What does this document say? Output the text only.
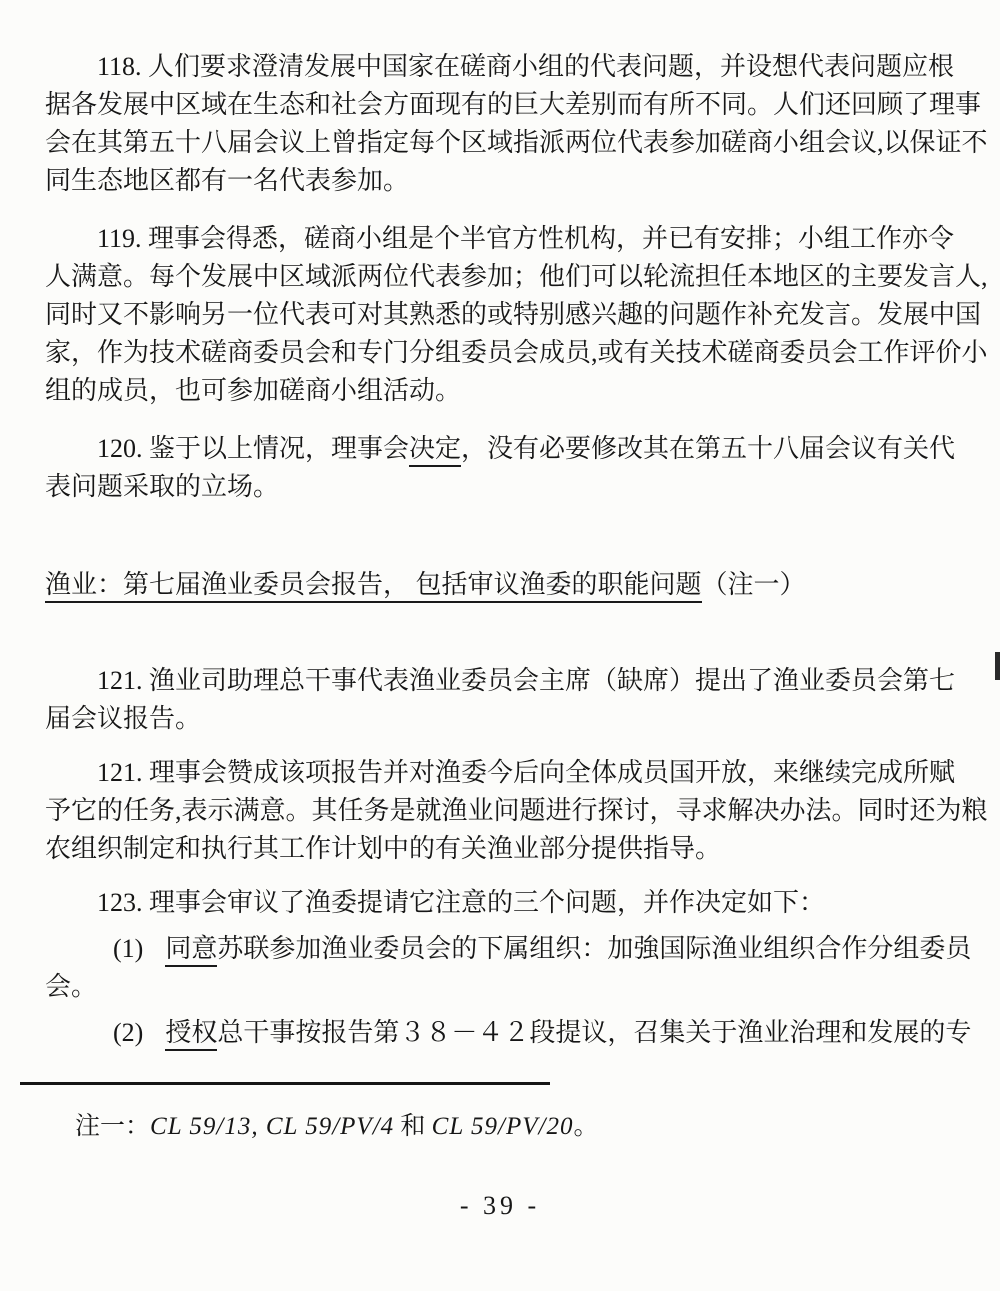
118. 人们要求澄清发展中国家在磋商小组的代表问题，并设想代表问题应根
据各发展中区域在生态和社会方面现有的巨大差别而有所不同。人们还回顾了理事
会在其第五十八届会议上曾指定每个区域指派两位代表参加磋商小组会议,以保证不
同生态地区都有一名代表参加。
119. 理事会得悉，磋商小组是个半官方性机构，并已有安排；小组工作亦令
人满意。每个发展中区域派两位代表参加；他们可以轮流担任本地区的主要发言人,
同时又不影响另一位代表可对其熟悉的或特别感兴趣的问题作补充发言。发展中国
家，作为技术磋商委员会和专门分组委员会成员,或有关技术磋商委员会工作评价小
组的成员，也可参加磋商小组活动。
120. 鉴于以上情况，理事会决定，没有必要修改其在第五十八届会议有关代
表问题采取的立场。
渔业：第七届渔业委员会报告， 包括审议渔委的职能问题（注一）
121. 渔业司助理总干事代表渔业委员会主席（缺席）提出了渔业委员会第七
届会议报告。
121. 理事会赞成该项报告并对渔委今后向全体成员国开放，来继续完成所赋
予它的任务,表示满意。其任务是就渔业问题进行探讨，寻求解决办法。同时还为粮
农组织制定和执行其工作计划中的有关渔业部分提供指导。
123. 理事会审议了渔委提请它注意的三个问题，并作决定如下：
(1) 同意苏联参加渔业委员会的下属组织：加強国际渔业组织合作分组委员
会。
(2) 授权总干事按报告第３８－４２段提议，召集关于渔业治理和发展的专
注一：CL 59/13, CL 59/PV/4 和 CL 59/PV/20。
- 39 -
